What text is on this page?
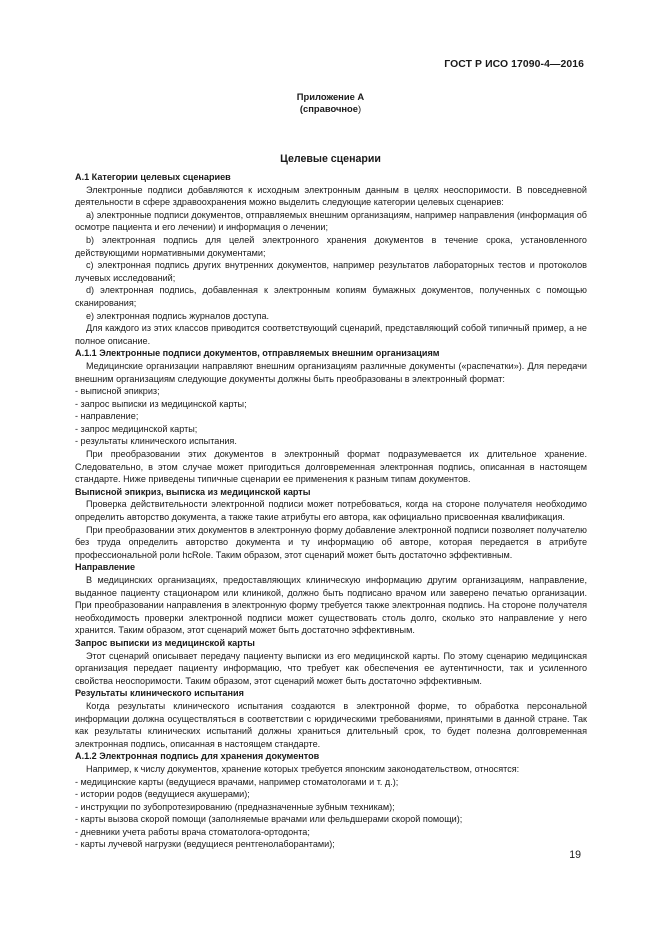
ГОСТ Р ИСО 17090-4—2016
Приложение А
(справочное)
Целевые сценарии

А.1 Категории целевых сценариев

Электронные подписи добавляются к исходным электронным данным в целях неоспоримости. В повседневной деятельности в сфере здравоохранения можно выделить следующие категории целевых сценариев:

a) электронные подписи документов, отправляемых внешним организациям, например направления (информация об осмотре пациента и его лечении) и информация о лечении;

b) электронная подпись для целей электронного хранения документов в течение срока, установленного действующими нормативными документами;

c) электронная подпись других внутренних документов, например результатов лабораторных тестов и протоколов лучевых исследований;

d) электронная подпись, добавленная к электронным копиям бумажных документов, полученных с помощью сканирования;

e) электронная подпись журналов доступа.

Для каждого из этих классов приводится соответствующий сценарий, представляющий собой типичный пример, а не полное описание.

А.1.1 Электронные подписи документов, отправляемых внешним организациям

Медицинские организации направляют внешним организациям различные документы («распечатки»). Для передачи внешним организациям следующие документы должны быть преобразованы в электронный формат:

- выписной эпикриз;

- запрос выписки из медицинской карты;

- направление;

- запрос медицинской карты;

- результаты клинического испытания.

При преобразовании этих документов в электронный формат подразумевается их длительное хранение. Следовательно, в этом случае может пригодиться долговременная электронная подпись, описанная в настоящем стандарте. Ниже приведены типичные сценарии ее применения к разным типам документов.

Выписной эпикриз, выписка из медицинской карты

Проверка действительности электронной подписи может потребоваться, когда на стороне получателя необходимо определить авторство документа, а также такие атрибуты его автора, как официально присвоенная квалификация.

При преобразовании этих документов в электронную форму добавление электронной подписи позволяет получателю без труда определить авторство документа и ту информацию об авторе, которая передается в атрибуте профессиональной роли hcRole. Таким образом, этот сценарий может быть достаточно эффективным.

Направление

В медицинских организациях, предоставляющих клиническую информацию другим организациям, направление, выданное пациенту стационаром или клиникой, должно быть подписано врачом или заверено печатью организации. При преобразовании направления в электронную форму требуется также электронная подпись. На стороне получателя необходимость проверки электронной подписи может существовать столь долго, сколько это направление у него хранится. Таким образом, этот сценарий может быть достаточно эффективным.

Запрос выписки из медицинской карты

Этот сценарий описывает передачу пациенту выписки из его медицинской карты. По этому сценарию медицинская организация передает пациенту информацию, что требует как обеспечения ее аутентичности, так и усиленного свойства неоспоримости. Таким образом, этот сценарий может быть достаточно эффективным.

Результаты клинического испытания

Когда результаты клинического испытания создаются в электронной форме, то обработка персональной информации должна осуществляться в соответствии с юридическими требованиями, принятыми в данной стране. Так как результаты клинических испытаний должны храниться длительный срок, то будет полезна долговременная электронная подпись, описанная в настоящем стандарте.

А.1.2 Электронная подпись для хранения документов

Например, к числу документов, хранение которых требуется японским законодательством, относятся:

- медицинские карты (ведущиеся врачами, например стоматологами и т. д.);

- истории родов (ведущиеся акушерами);

- инструкции по зубопротезированию (предназначенные зубным техникам);

- карты вызова скорой помощи (заполняемые врачами или фельдшерами скорой помощи);

- дневники учета работы врача стоматолога-ортодонта;

- карты лучевой нагрузки (ведущиеся рентгенолаборантами);

19
